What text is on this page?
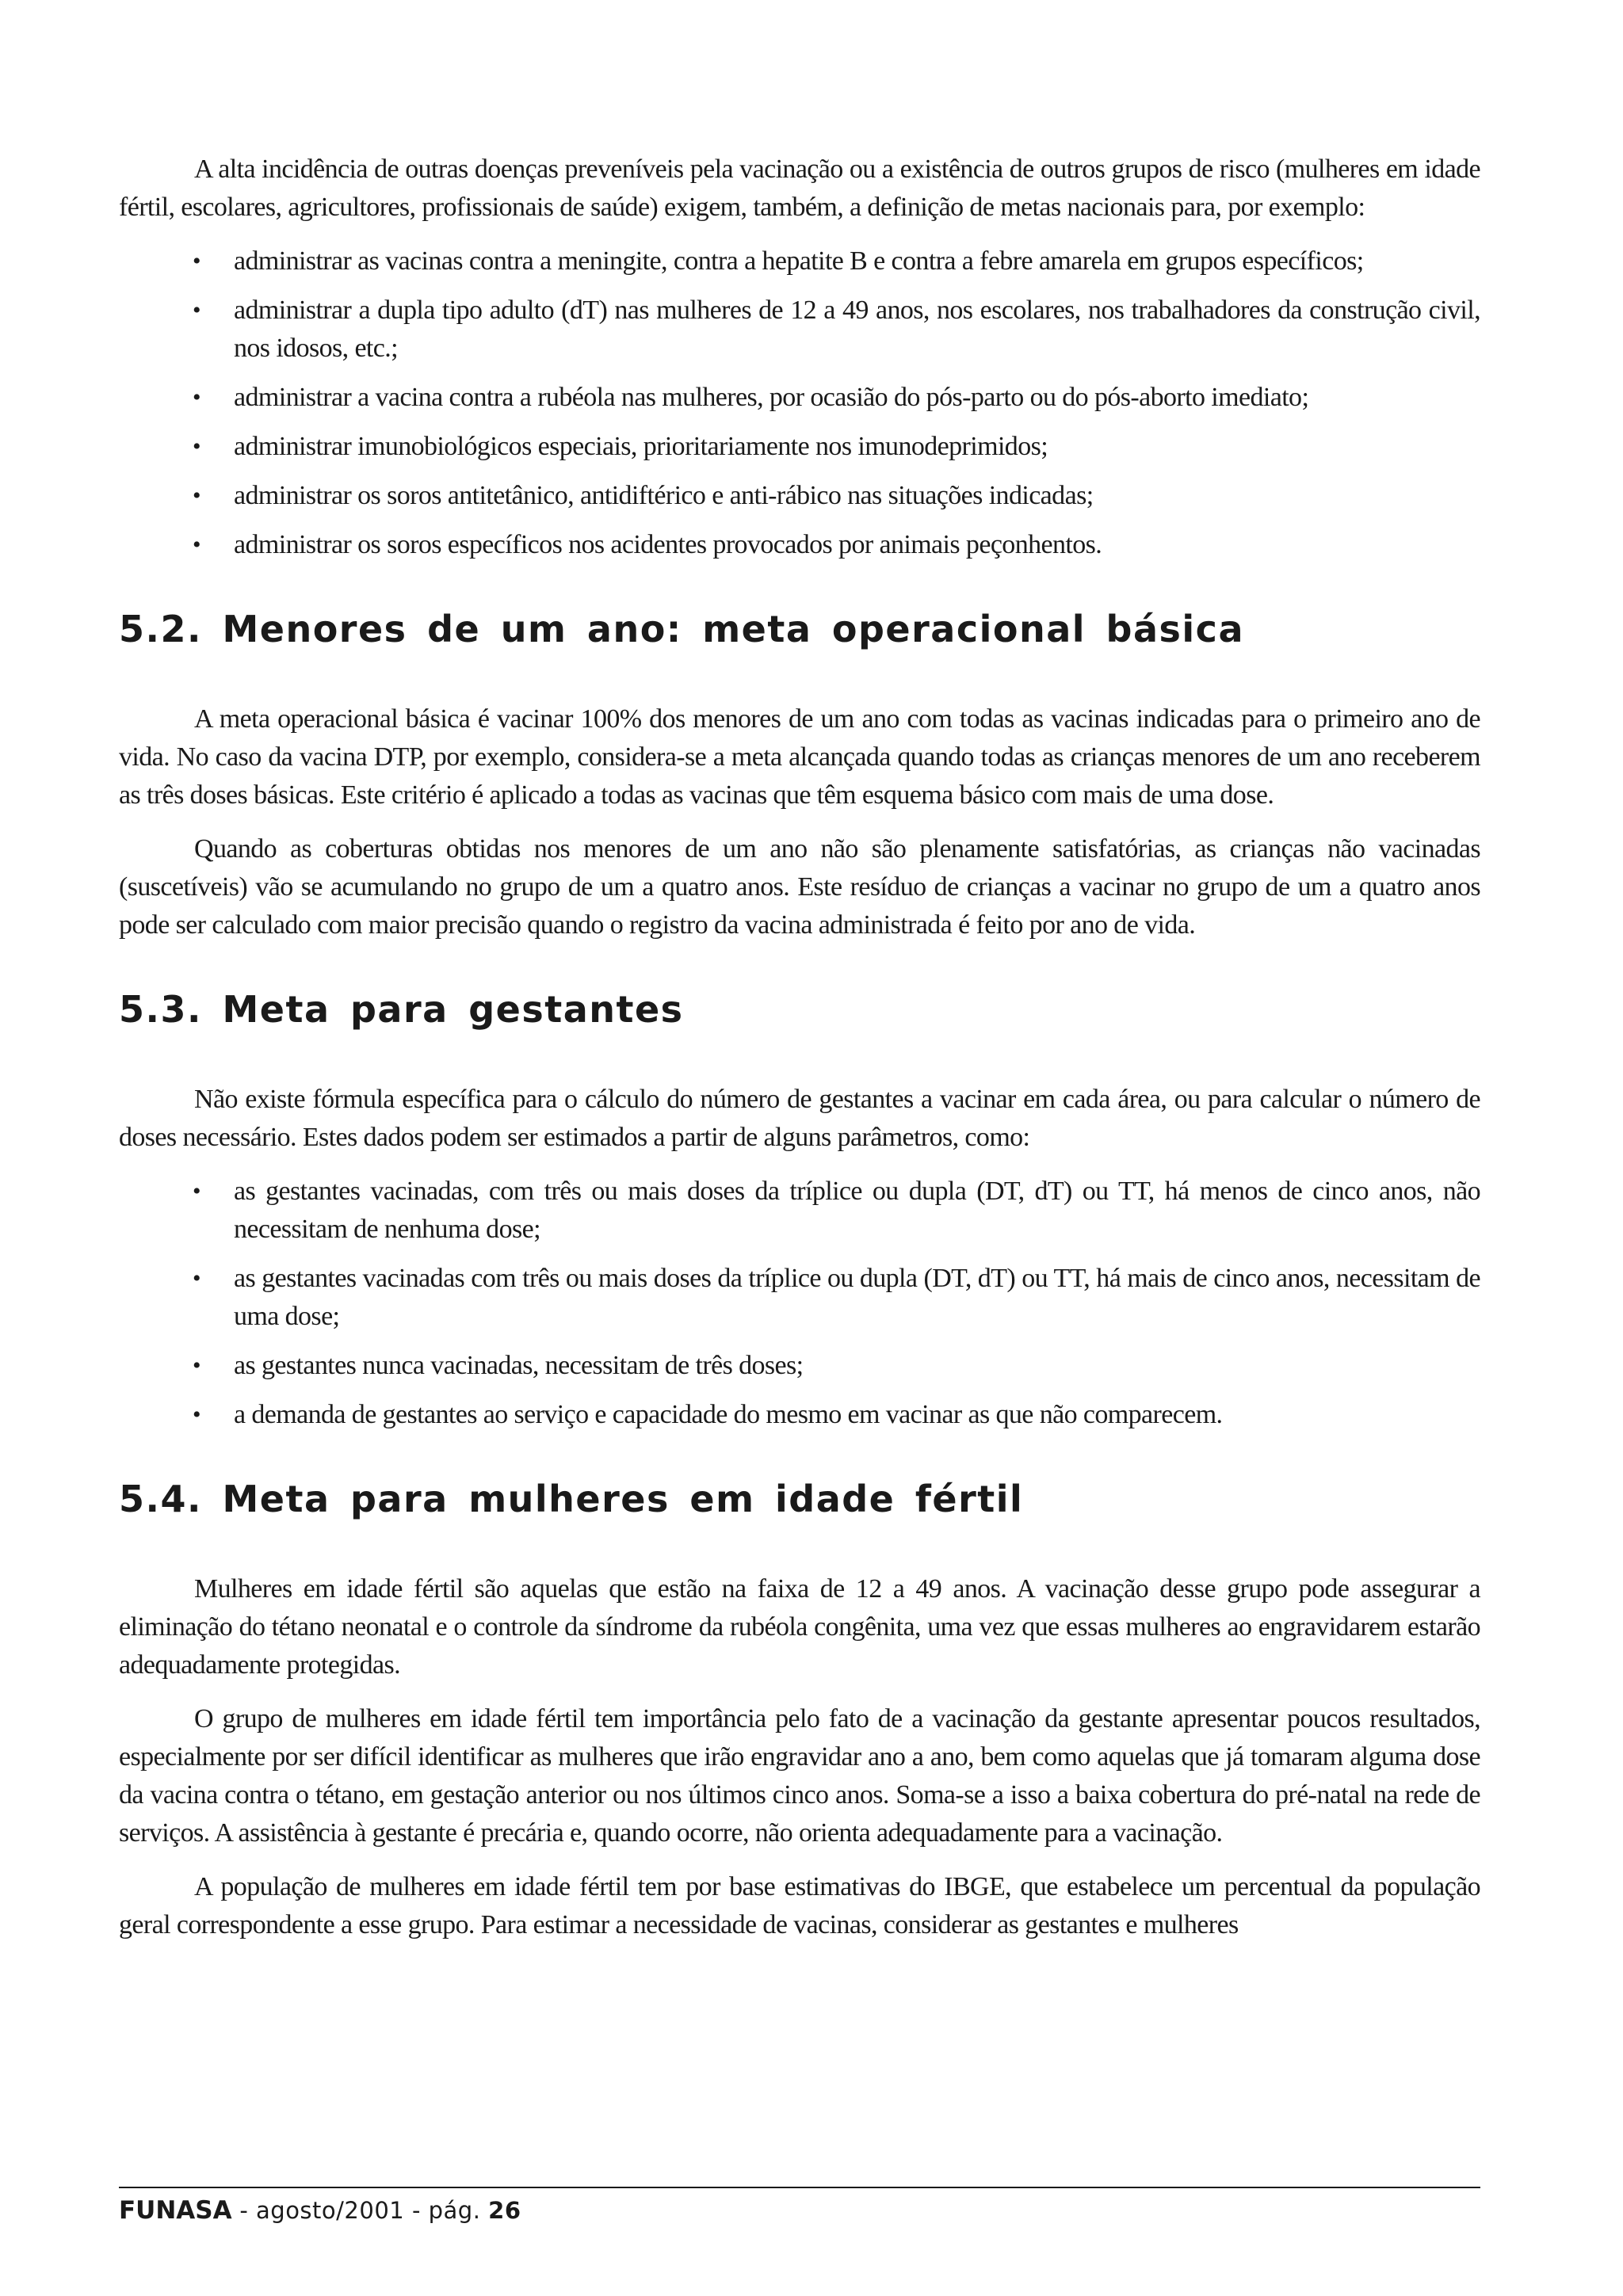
A alta incidência de outras doenças preveníveis pela vacinação ou a existência de outros grupos de risco (mulheres em idade fértil, escolares, agricultores, profissionais de saúde) exigem, também, a definição de metas nacionais para, por exemplo:

• administrar as vacinas contra a meningite, contra a hepatite B e contra a febre amarela em grupos específicos;
• administrar a dupla tipo adulto (dT) nas mulheres de 12 a 49 anos, nos escolares, nos trabalhadores da construção civil, nos idosos, etc.;
• administrar a vacina contra a rubéola nas mulheres, por ocasião do pós-parto ou do pós-aborto imediato;
• administrar imunobiológicos especiais, prioritariamente nos imunodeprimidos;
• administrar os soros antitetânico, antidiftérico e anti-rábico nas situações indicadas;
• administrar os soros específicos nos acidentes provocados por animais peçonhentos.
5.2. Menores de um ano: meta operacional básica

A meta operacional básica é vacinar 100% dos menores de um ano com todas as vacinas indicadas para o primeiro ano de vida. No caso da vacina DTP, por exemplo, considera-se a meta alcançada quando todas as crianças menores de um ano receberem as três doses básicas. Este critério é aplicado a todas as vacinas que têm esquema básico com mais de uma dose.

Quando as coberturas obtidas nos menores de um ano não são plenamente satisfatórias, as crianças não vacinadas (suscetíveis) vão se acumulando no grupo de um a quatro anos. Este resíduo de crianças a vacinar no grupo de um a quatro anos pode ser calculado com maior precisão quando o registro da vacina administrada é feito por ano de vida.

5.3. Meta para gestantes

Não existe fórmula específica para o cálculo do número de gestantes a vacinar em cada área, ou para calcular o número de doses necessário. Estes dados podem ser estimados a partir de alguns parâmetros, como:

• as gestantes vacinadas, com três ou mais doses da tríplice ou dupla (DT, dT) ou TT, há menos de cinco anos, não necessitam de nenhuma dose;
• as gestantes vacinadas com três ou mais doses da tríplice ou dupla (DT, dT) ou TT, há mais de cinco anos, necessitam de uma dose;
• as gestantes nunca vacinadas, necessitam de três doses;
• a demanda de gestantes ao serviço e capacidade do mesmo em vacinar as que não comparecem.
5.4. Meta para mulheres em idade fértil

Mulheres em idade fértil são aquelas que estão na faixa de 12 a 49 anos. A vacinação desse grupo pode assegurar a eliminação do tétano neonatal e o controle da síndrome da rubéola congênita, uma vez que essas mulheres ao engravidarem estarão adequadamente protegidas.

O grupo de mulheres em idade fértil tem importância pelo fato de a vacinação da gestante apresentar poucos resultados, especialmente por ser difícil identificar as mulheres que irão engravidar ano a ano, bem como aquelas que já tomaram alguma dose da vacina contra o tétano, em gestação anterior ou nos últimos cinco anos. Soma-se a isso a baixa cobertura do pré-natal na rede de serviços. A assistência à gestante é precária e, quando ocorre, não orienta adequadamente para a vacinação.

A população de mulheres em idade fértil tem por base estimativas do IBGE, que estabelece um percentual da população geral correspondente a esse grupo. Para estimar a necessidade de vacinas, considerar as gestantes e mulheres

FUNASA - agosto/2001 - pág. 26
